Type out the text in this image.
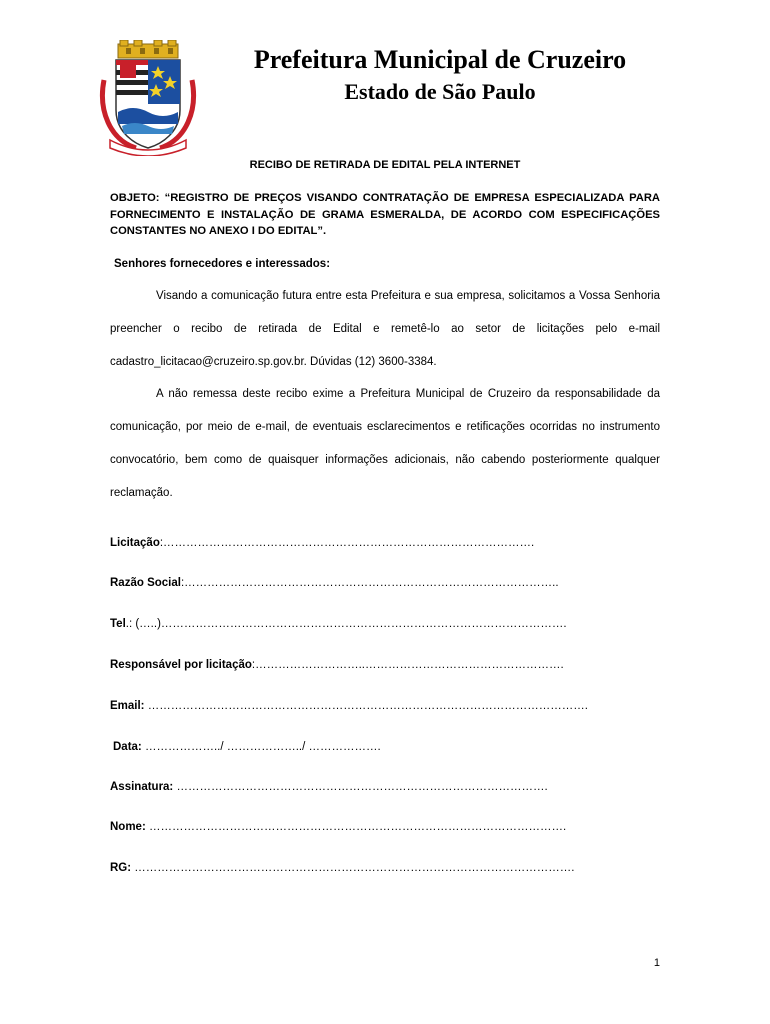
Prefeitura Municipal de Cruzeiro
Estado de São Paulo
RECIBO DE RETIRADA DE EDITAL PELA INTERNET
OBJETO: “REGISTRO DE PREÇOS VISANDO CONTRATAÇÃO DE EMPRESA ESPECIALIZADA PARA FORNECIMENTO E INSTALAÇÃO DE GRAMA ESMERALDA, DE ACORDO COM ESPECIFICAÇÕES CONSTANTES NO ANEXO I DO EDITAL”.
Senhores fornecedores e interessados:
Visando a comunicação futura entre esta Prefeitura e sua empresa, solicitamos a Vossa Senhoria preencher o recibo de retirada de Edital e remetê-lo ao setor de licitações pelo e-mail cadastro_licitacao@cruzeiro.sp.gov.br. Dúvidas (12) 3600-3384.
A não remessa deste recibo exime a Prefeitura Municipal de Cruzeiro da responsabilidade da comunicação, por meio de e-mail, de eventuais esclarecimentos e retificações ocorridas no instrumento convocatório, bem como de quaisquer informações adicionais, não cabendo posteriormente qualquer reclamação.
Licitação:…………………………………………………………………………………….
Razão Social:……………………………………………………………………………………..
Tel.: (…..)…………………………………………………………………………………………….
Responsável por licitação:………………………..…………………………………………….
Email: …………………………………………………………………………………………………….
Data: ………………../ ………………../ ……………….
Assinatura: …………………………………………………………………………………….
Nome: ……………………………………………………………………………………………….
RG: …………………………………………………………………………………………………….
1
